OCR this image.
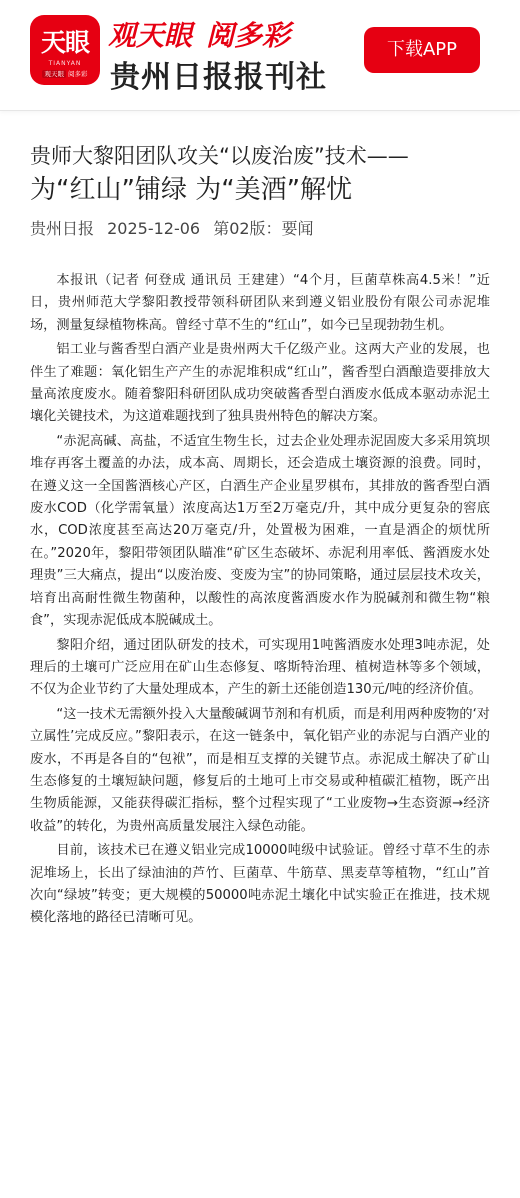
天眼
TIANYAN
观天眼 阅多彩
观天眼 阅多彩
贵州日报报刊社
下载APP
贵师大黎阳团队攻关“以废治废”技术——
为“红山”铺绿 为“美酒”解忧
贵州日报 2025-12-06 第02版：要闻

本报讯（记者 何登成 通讯员 王建建）“4个月，巨菌草株高4.5米！”近日，贵州师范大学黎阳教授带领科研团队来到遵义铝业股份有限公司赤泥堆场，测量复绿植物株高。曾经寸草不生的“红山”，如今已呈现勃勃生机。

铝工业与酱香型白酒产业是贵州两大千亿级产业。这两大产业的发展，也伴生了难题：氧化铝生产产生的赤泥堆积成“红山”，酱香型白酒酿造要排放大量高浓度废水。随着黎阳科研团队成功突破酱香型白酒废水低成本驱动赤泥土壤化关键技术，为这道难题找到了独具贵州特色的解决方案。

“赤泥高碱、高盐，不适宜生物生长，过去企业处理赤泥固废大多采用筑坝堆存再客土覆盖的办法，成本高、周期长，还会造成土壤资源的浪费。同时，在遵义这一全国酱酒核心产区，白酒生产企业星罗棋布，其排放的酱香型白酒废水COD（化学需氧量）浓度高达1万至2万毫克/升，其中成分更复杂的窖底水，COD浓度甚至高达20万毫克/升，处置极为困难，一直是酒企的烦忧所在。”2020年，黎阳带领团队瞄准“矿区生态破坏、赤泥利用率低、酱酒废水处理贵”三大痛点，提出“以废治废、变废为宝”的协同策略，通过层层技术攻关，培育出高耐性微生物菌种，以酸性的高浓度酱酒废水作为脱碱剂和微生物“粮食”，实现赤泥低成本脱碱成土。

黎阳介绍，通过团队研发的技术，可实现用1吨酱酒废水处理3吨赤泥，处理后的土壤可广泛应用在矿山生态修复、喀斯特治理、植树造林等多个领域，不仅为企业节约了大量处理成本，产生的新土还能创造130元/吨的经济价值。

“这一技术无需额外投入大量酸碱调节剂和有机质，而是利用两种废物的‘对立属性’完成反应。”黎阳表示，在这一链条中，氧化铝产业的赤泥与白酒产业的废水，不再是各自的“包袱”，而是相互支撑的关键节点。赤泥成土解决了矿山生态修复的土壤短缺问题，修复后的土地可上市交易或种植碳汇植物，既产出生物质能源，又能获得碳汇指标，整个过程实现了“工业废物→生态资源→经济收益”的转化，为贵州高质量发展注入绿色动能。

目前，该技术已在遵义铝业完成10000吨级中试验证。曾经寸草不生的赤泥堆场上，长出了绿油油的芦竹、巨菌草、牛筋草、黑麦草等植物，“红山”首次向“绿坡”转变；更大规模的50000吨赤泥土壤化中试实验正在推进，技术规模化落地的路径已清晰可见。
